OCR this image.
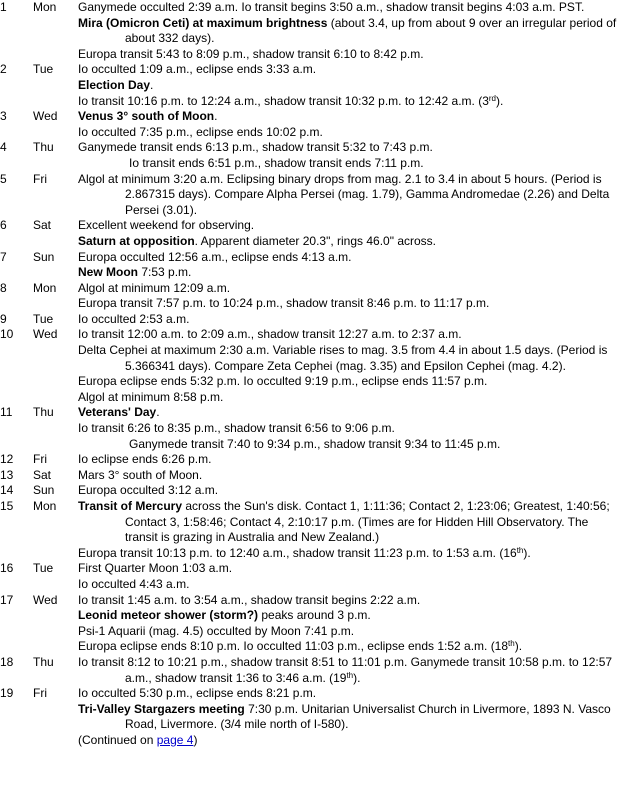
1	Mon	Ganymede occulted 2:39 a.m. Io transit begins 3:50 a.m., shadow transit begins 4:03 a.m. PST.

Mira (Omicron Ceti) at maximum brightness (about 3.4, up from about 9 over an irregular period of about 332 days).

Europa transit 5:43 to 8:09 p.m., shadow transit 6:10 to 8:42 p.m.

2	Tue	Io occulted 1:09 a.m., eclipse ends 3:33 a.m.

Election Day.

Io transit 10:16 p.m. to 12:24 a.m., shadow transit 10:32 p.m. to 12:42 a.m. (3rd).

3	Wed	Venus 3° south of Moon.

Io occulted 7:35 p.m., eclipse ends 10:02 p.m.

4	Thu	Ganymede transit ends 6:13 p.m., shadow transit 5:32 to 7:43 p.m.

Io transit ends 6:51 p.m., shadow transit ends 7:11 p.m.

5	Fri	Algol at minimum 3:20 a.m. Eclipsing binary drops from mag. 2.1 to 3.4 in about 5 hours. (Period is 2.867315 days). Compare Alpha Persei (mag. 1.79), Gamma Andromedae (2.26) and Delta Persei (3.01).

6	Sat	Excellent weekend for observing.

Saturn at opposition. Apparent diameter 20.3", rings 46.0" across.

7	Sun	Europa occulted 12:56 a.m., eclipse ends 4:13 a.m.

New Moon 7:53 p.m.

8	Mon	Algol at minimum 12:09 a.m.

Europa transit 7:57 p.m. to 10:24 p.m., shadow transit 8:46 p.m. to 11:17 p.m.

9	Tue	Io occulted 2:53 a.m.

10	Wed	Io transit 12:00 a.m. to 2:09 a.m., shadow transit 12:27 a.m. to 2:37 a.m.

Delta Cephei at maximum 2:30 a.m. Variable rises to mag. 3.5 from 4.4 in about 1.5 days. (Period is 5.366341 days). Compare Zeta Cephei (mag. 3.35) and Epsilon Cephei (mag. 4.2).

Europa eclipse ends 5:32 p.m. Io occulted 9:19 p.m., eclipse ends 11:57 p.m.

Algol at minimum 8:58 p.m.

11	Thu	Veterans' Day.

Io transit 6:26 to 8:35 p.m., shadow transit 6:56 to 9:06 p.m.

Ganymede transit 7:40 to 9:34 p.m., shadow transit 9:34 to 11:45 p.m.

12	Fri	Io eclipse ends 6:26 p.m.

13	Sat	Mars 3° south of Moon.

14	Sun	Europa occulted 3:12 a.m.

15	Mon	Transit of Mercury across the Sun's disk. Contact 1, 1:11:36; Contact 2, 1:23:06; Greatest, 1:40:56; Contact 3, 1:58:46; Contact 4, 2:10:17 p.m. (Times are for Hidden Hill Observatory. The transit is grazing in Australia and New Zealand.)

Europa transit 10:13 p.m. to 12:40 a.m., shadow transit 11:23 p.m. to 1:53 a.m. (16th).

16	Tue	First Quarter Moon 1:03 a.m.

Io occulted 4:43 a.m.

17	Wed	Io transit 1:45 a.m. to 3:54 a.m., shadow transit begins 2:22 a.m.

Leonid meteor shower (storm?) peaks around 3 p.m.

Psi-1 Aquarii (mag. 4.5) occulted by Moon 7:41 p.m.

Europa eclipse ends 8:10 p.m. Io occulted 11:03 p.m., eclipse ends 1:52 a.m. (18th).

18	Thu	Io transit 8:12 to 10:21 p.m., shadow transit 8:51 to 11:01 p.m. Ganymede transit 10:58 p.m. to 12:57 a.m., shadow transit 1:36 to 3:46 a.m. (19th).

19	Fri	Io occulted 5:30 p.m., eclipse ends 8:21 p.m.

Tri-Valley Stargazers meeting 7:30 p.m. Unitarian Universalist Church in Livermore, 1893 N. Vasco Road, Livermore. (3/4 mile north of I-580).

(Continued on page 4)
